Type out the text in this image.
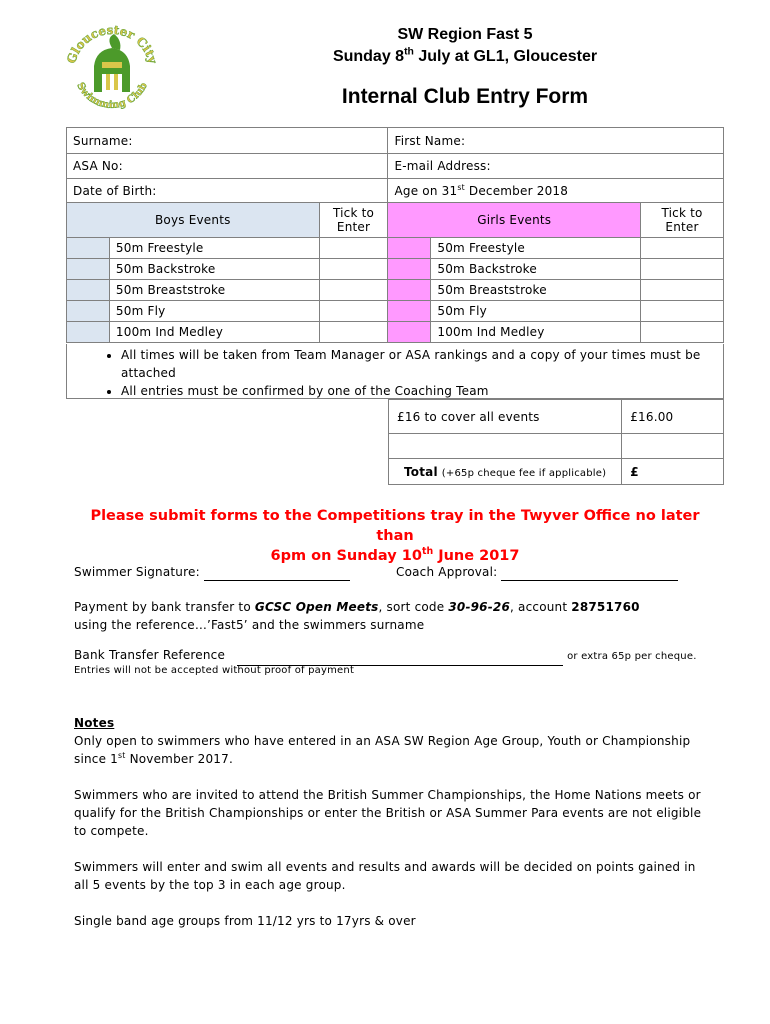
Gloucester City
Swimming Club
SW Region Fast 5
Sunday 8th July at GL1, Gloucester
Internal Club Entry Form
Surname:			First Name:		
ASA No:			E-mail Address:		
Date of Birth:			Age on 31st December 2018		
Boys Events		Tick to Enter	Girls Events		Tick to Enter
	50m Freestyle			50m Freestyle	
	50m Backstroke			50m Backstroke	
	50m Breaststroke			50m Breaststroke	
	50m Fly			50m Fly	
	100m Ind Medley			100m Ind Medley	
• All times will be taken from Team Manager or ASA rankings and a copy of your times must be attached
• All entries must be confirmed by one of the Coaching Team
£16 to cover all events	£16.00

Total (+65p cheque fee if applicable)	£
Please submit forms to the Competitions tray in the Twyver Office no later than
6pm on Sunday 10th June 2017
Swimmer Signature:	Coach Approval:
Payment by bank transfer to GCSC Open Meets, sort code 30-96-26, account 28751760
using the reference…’Fast5’ and the swimmers surname
Bank Transfer Reference	or extra 65p per cheque.
Entries will not be accepted without proof of payment
Notes
Only open to swimmers who have entered in an ASA SW Region Age Group, Youth or Championship since 1st November 2017.
Swimmers who are invited to attend the British Summer Championships, the Home Nations meets or qualify for the British Championships or enter the British or ASA Summer Para events are not eligible to compete.
Swimmers will enter and swim all events and results and awards will be decided on points gained in all 5 events by the top 3 in each age group.
Single band age groups from 11/12 yrs to 17yrs & over
